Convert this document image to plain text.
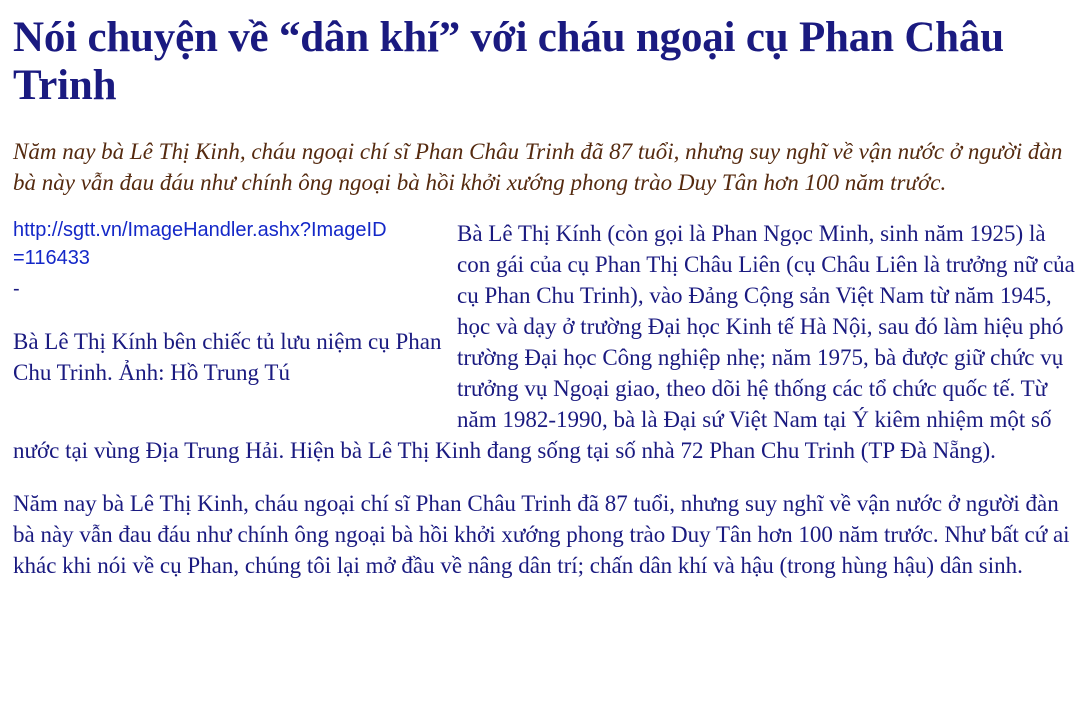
Nói chuyện về “dân khí” với cháu ngoại cụ Phan Châu Trinh

Năm nay bà Lê Thị Kinh, cháu ngoại chí sĩ Phan Châu Trinh đã 87 tuổi, nhưng suy nghĩ về vận nước ở người đàn bà này vẫn đau đáu như chính ông ngoại bà hồi khởi xướng phong trào Duy Tân hơn 100 năm trước.

http://sgtt.vn/ImageHandler.ashx?ImageID=116433
-
Bà Lê Thị Kính bên chiếc tủ lưu niệm cụ Phan Chu Trinh. Ảnh: Hồ Trung Tú

Bà Lê Thị Kính (còn gọi là Phan Ngọc Minh, sinh năm 1925) là con gái của cụ Phan Thị Châu Liên (cụ Châu Liên là trưởng nữ của cụ Phan Chu Trinh), vào Đảng Cộng sản Việt Nam từ năm 1945, học và dạy ở trường Đại học Kinh tế Hà Nội, sau đó làm hiệu phó trường Đại học Công nghiệp nhẹ; năm 1975, bà được giữ chức vụ trưởng vụ Ngoại giao, theo dõi hệ thống các tổ chức quốc tế. Từ năm 1982-1990, bà là Đại sứ Việt Nam tại Ý kiêm nhiệm một số nước tại vùng Địa Trung Hải. Hiện bà Lê Thị Kinh đang sống tại số nhà 72 Phan Chu Trinh (TP Đà Nẵng).

Năm nay bà Lê Thị Kinh, cháu ngoại chí sĩ Phan Châu Trinh đã 87 tuổi, nhưng suy nghĩ về vận nước ở người đàn bà này vẫn đau đáu như chính ông ngoại bà hồi khởi xướng phong trào Duy Tân hơn 100 năm trước. Như bất cứ ai khác khi nói về cụ Phan, chúng tôi lại mở đầu về nâng dân trí; chấn dân khí và hậu (trong hùng hậu) dân sinh.
